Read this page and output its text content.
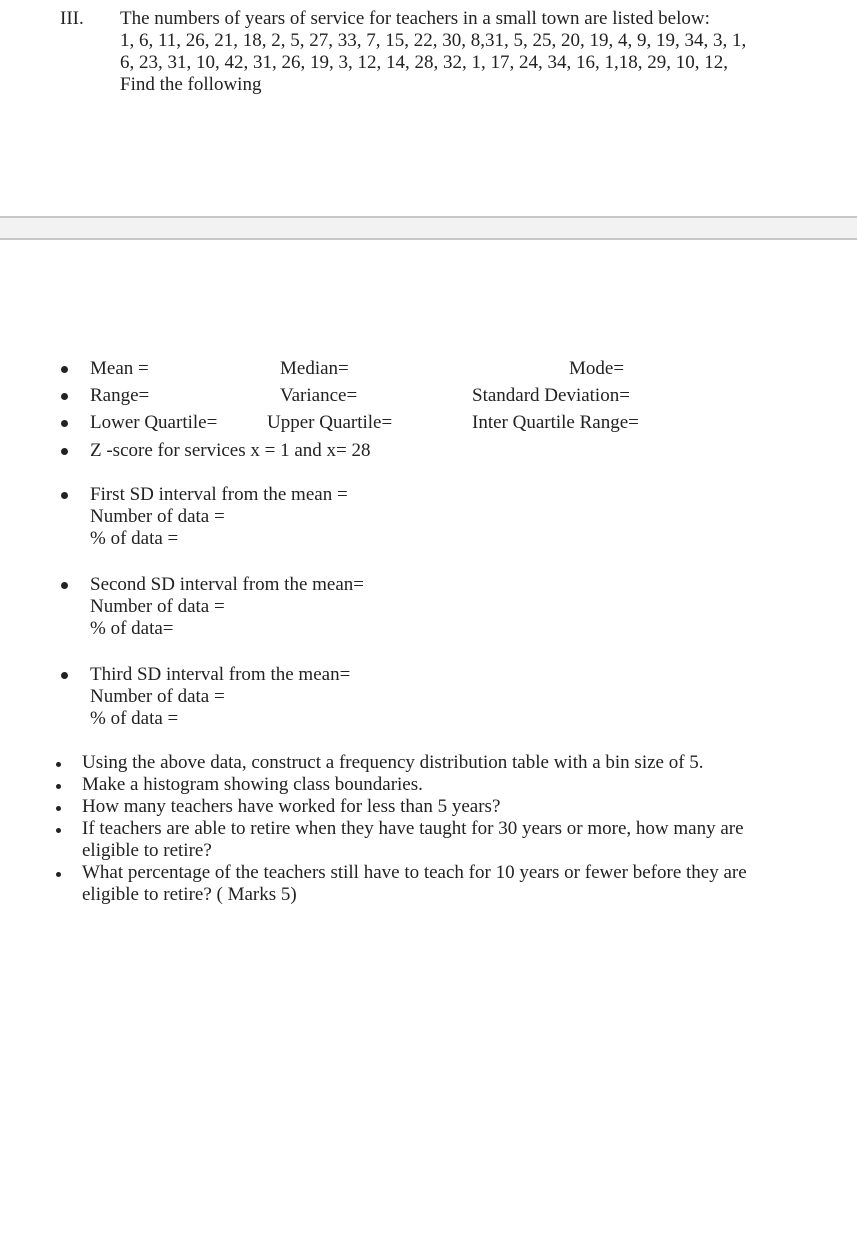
III. The numbers of years of service for teachers in a small town are listed below:
1, 6, 11, 26, 21, 18, 2, 5, 27, 33, 7, 15, 22, 30, 8,31, 5, 25, 20, 19, 4, 9, 19, 34, 3, 1,
6, 23, 31, 10, 42, 31, 26, 19, 3, 12, 14, 28, 32, 1, 17, 24, 34, 16, 1,18, 29, 10, 12,
Find the following
Mean =	Median=	Mode=
Range=	Variance=	Standard Deviation=
Lower Quartile=	Upper Quartile=	Inter Quartile Range=
Z -score for services x = 1 and x= 28
First SD interval from the mean =
Number of data =
% of data =
Second SD interval from the mean=
Number of data =
% of data=
Third SD interval from the mean=
Number of data =
% of data =
Using the above data, construct a frequency distribution table with a bin size of 5.
Make a histogram showing class boundaries.
How many teachers have worked for less than 5 years?
If teachers are able to retire when they have taught for 30 years or more, how many are
eligible to retire?
What percentage of the teachers still have to teach for 10 years or fewer before they are
eligible to retire? ( Marks 5)
